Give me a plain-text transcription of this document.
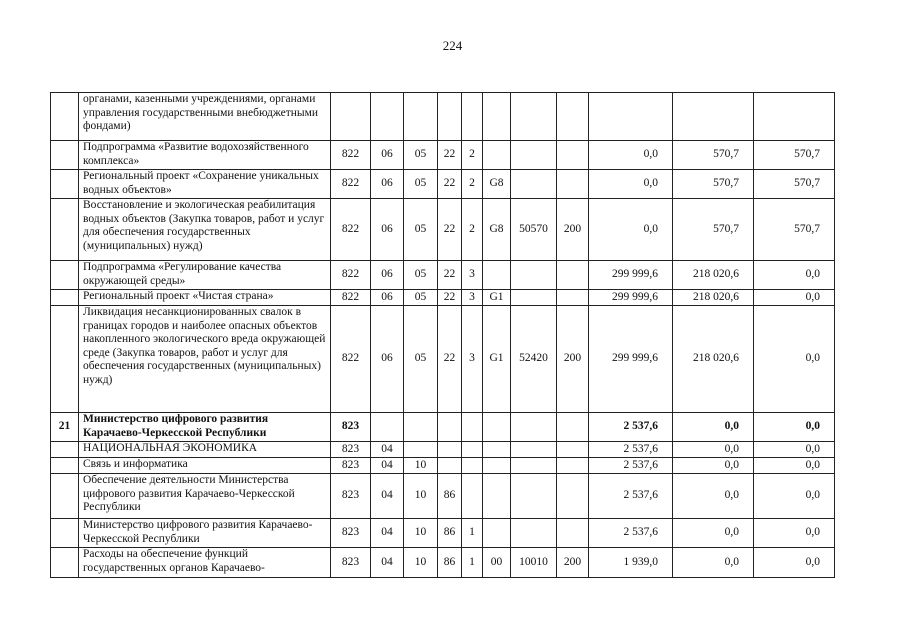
224
	органами, казенными учреждениями, органами управления государственными внебюджетными фондами)											
	Подпрограмма «Развитие водохозяйственного комплекса»	822	06	05	22	2				0,0	570,7	570,7
	Региональный проект «Сохранение уникальных водных объектов»	822	06	05	22	2	G8			0,0	570,7	570,7
	Восстановление и экологическая реабилитация водных объектов (Закупка товаров, работ и услуг для обеспечения государственных (муниципальных) нужд)	822	06	05	22	2	G8	50570	200	0,0	570,7	570,7
	Подпрограмма «Регулирование качества окружающей среды»	822	06	05	22	3				299 999,6	218 020,6	0,0
	Региональный проект «Чистая страна»	822	06	05	22	3	G1			299 999,6	218 020,6	0,0
	Ликвидация несанкционированных свалок в границах городов и наиболее опасных объектов накопленного экологического вреда окружающей среде (Закупка товаров, работ и услуг для обеспечения государственных (муниципальных) нужд)	822	06	05	22	3	G1	52420	200	299 999,6	218 020,6	0,0
21	Министерство цифрового развития Карачаево-Черкесской Республики	823								2 537,6	0,0	0,0
	НАЦИОНАЛЬНАЯ ЭКОНОМИКА	823	04							2 537,6	0,0	0,0
	Связь и информатика	823	04	10						2 537,6	0,0	0,0
	Обеспечение деятельности Министерства цифрового развития Карачаево-Черкесской Республики	823	04	10	86					2 537,6	0,0	0,0
	Министерство цифрового развития Карачаево-Черкесской Республики	823	04	10	86	1				2 537,6	0,0	0,0
	Расходы на обеспечение функций государственных органов Карачаево-	823	04	10	86	1	00	10010	200	1 939,0	0,0	0,0
